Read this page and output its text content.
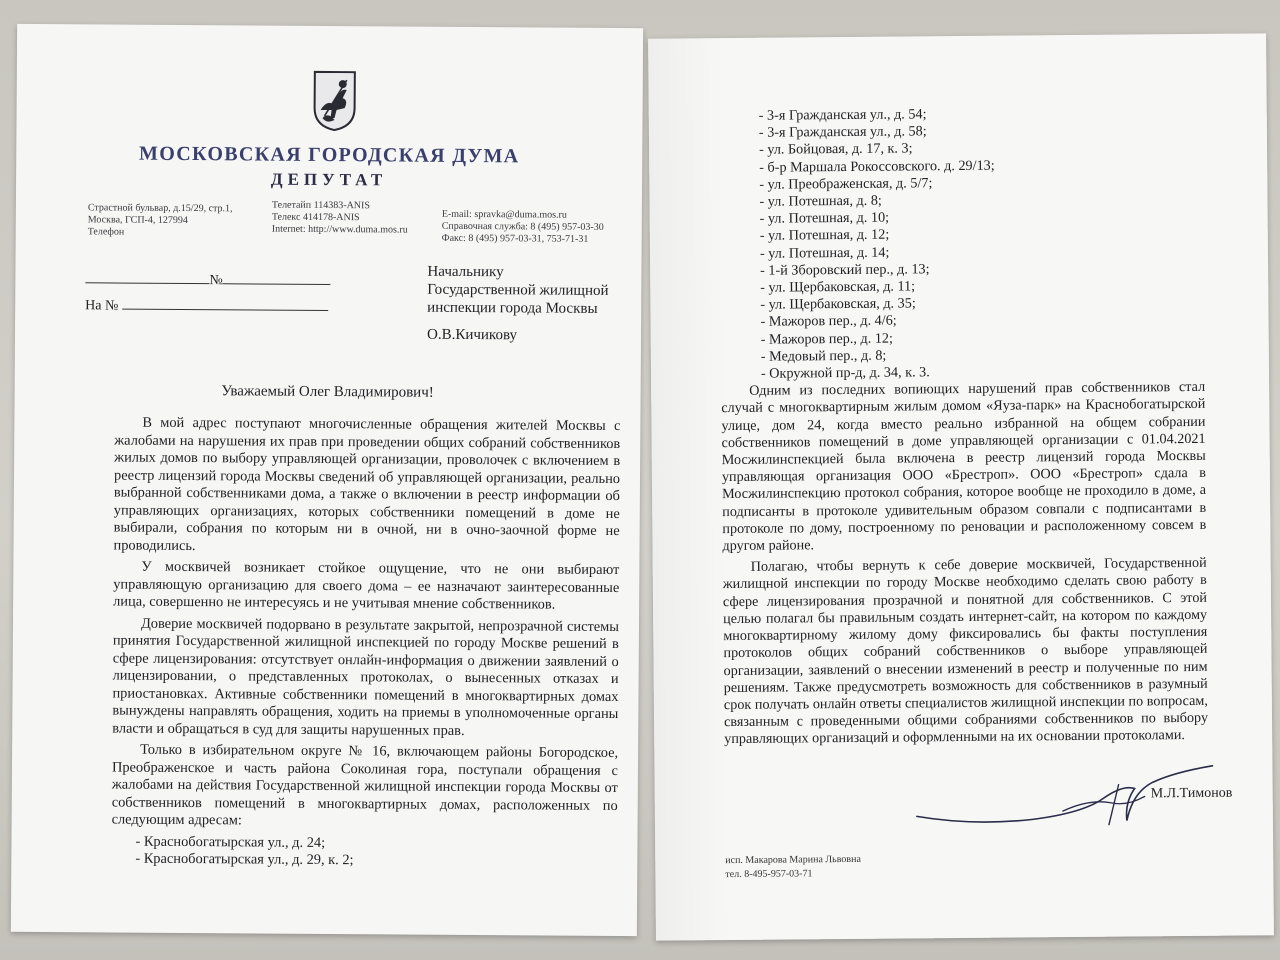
МОСКОВСКАЯ ГОРОДСКАЯ ДУМА
ДЕПУТАТ
Страстной бульвар, д.15/29, стр.1,
Москва, ГСП-4, 127994
Телефон
Телетайп 114383-ANIS
Телекс 414178-ANIS
Internet: http://www.duma.mos.ru
E-mail: spravka@duma.mos.ru
Справочная служба: 8 (495) 957-03-30
Факс: 8 (495) 957-03-31, 753-71-31
№
На №
Начальнику
Государственной жилищной
инспекции города Москвы
О.В.Кичикову
Уважаемый Олег Владимирович!

В мой адрес поступают многочисленные обращения жителей Москвы с жалобами на нарушения их прав при проведении общих собраний собственников жилых домов по выбору управляющей организации, проволочек с включением в реестр лицензий города Москвы сведений об управляющей организации, реально выбранной собственниками дома, а также о включении в реестр информации об управляющих организациях, которых собственники помещений в доме не выбирали, собрания по которым ни в очной, ни в очно-заочной форме не проводились.

У москвичей возникает стойкое ощущение, что не они выбирают управляющую организацию для своего дома – ее назначают заинтересованные лица, совершенно не интересуясь и не учитывая мнение собственников.

Доверие москвичей подорвано в результате закрытой, непрозрачной системы принятия Государственной жилищной инспекцией по городу Москве решений в сфере лицензирования: отсутствует онлайн-информация о движении заявлений о лицензировании, о представленных протоколах, о вынесенных отказах и приостановках. Активные собственники помещений в многоквартирных домах вынуждены направлять обращения, ходить на приемы в уполномоченные органы власти и обращаться в суд для защиты нарушенных прав.

Только в избирательном округе № 16, включающем районы Богородское, Преображенское и часть района Соколиная гора, поступали обращения с жалобами на действия Государственной жилищной инспекции города Москвы от собственников помещений в многоквартирных домах, расположенных по следующим адресам:

- Краснобогатырская ул., д. 24;
- Краснобогатырская ул., д. 29, к. 2;
- 3-я Гражданская ул., д. 54;
- 3-я Гражданская ул., д. 58;
- ул. Бойцовая, д. 17, к. 3;
- б-р Маршала Рокоссовского. д. 29/13;
- ул. Преображенская, д. 5/7;
- ул. Потешная, д. 8;
- ул. Потешная, д. 10;
- ул. Потешная, д. 12;
- ул. Потешная, д. 14;
- 1-й Зборовский пер., д. 13;
- ул. Щербаковская, д. 11;
- ул. Щербаковская, д. 35;
- Мажоров пер., д. 4/6;
- Мажоров пер., д. 12;
- Медовый пер., д. 8;
- Окружной пр-д, д. 34, к. 3.

Одним из последних вопиющих нарушений прав собственников стал случай с многоквартирным жилым домом «Яуза-парк» на Краснобогатырской улице, дом 24, когда вместо реально избранной на общем собрании собственников помещений в доме управляющей организации с 01.04.2021 Мосжилинспекцией была включена в реестр лицензий города Москвы управляющая организация ООО «Брестроп». ООО «Брестроп» сдала в Мосжилинспекцию протокол собрания, которое вообще не проходило в доме, а подписанты в протоколе удивительным образом совпали с подписантами в протоколе по дому, построенному по реновации и расположенному совсем в другом районе.

Полагаю, чтобы вернуть к себе доверие москвичей, Государственной жилищной инспекции по городу Москве необходимо сделать свою работу в сфере лицензирования прозрачной и понятной для собственников. С этой целью полагал бы правильным создать интернет-сайт, на котором по каждому многоквартирному жилому дому фиксировались бы факты поступления протоколов общих собраний собственников о выборе управляющей организации, заявлений о внесении изменений в реестр и полученные по ним решениям. Также предусмотреть возможность для собственников в разумный срок получать онлайн ответы специалистов жилищной инспекции по вопросам, связанным с проведенными общими собраниями собственников по выбору управляющих организаций и оформленными на их основании протоколами.

М.Л.Тимонов
исп. Макарова Марина Львовна
тел. 8-495-957-03-71
